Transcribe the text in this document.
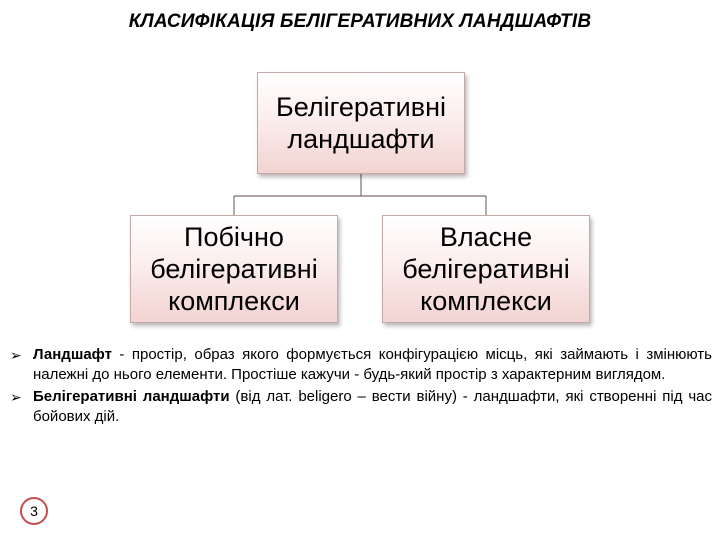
КЛАСИФІКАЦІЯ БЕЛІГЕРАТИВНИХ ЛАНДШАФТІВ
Белігеративні
ландшафти
Побічно
белігеративні
комплекси
Власне
белігеративні
комплекси
➢ Ландшафт - простір, образ якого формується конфігурацією місць, які займають і змінюють належні до нього елементи. Простіше кажучи - будь-який простір з характерним виглядом.
➢ Белігеративні ландшафти (від лат. beligero – вести війну) - ландшафти, які створенні під час бойових дій.
3
